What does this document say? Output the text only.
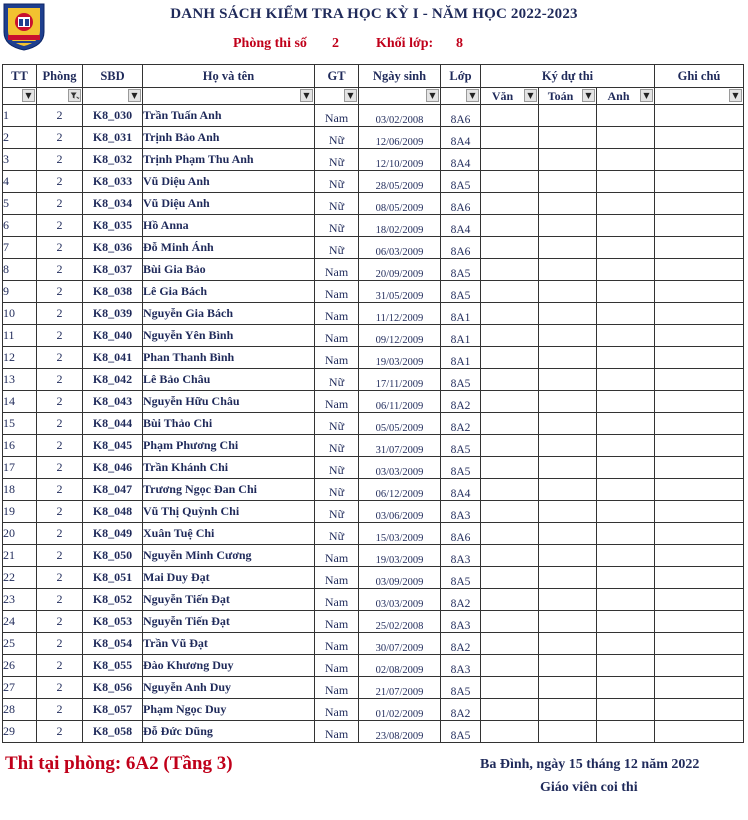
DANH SÁCH KIỂM TRA HỌC KỲ I - NĂM HỌC 2022-2023
Phòng thi số 2	Khối lớp: 8
TT	Phòng	SBD	Họ và tên	GT	Ngày sinh	Lớp	Ký dự thi			Ghi chú

▼		▼	▼	▼	▼	▼	Văn ▼	Toán ▼	Anh ▼	▼

1	2	K8_030	Trần Tuấn Anh	Nam	03/02/2008	8A6				
2	2	K8_031	Trịnh Bảo Anh	Nữ	12/06/2009	8A4				
3	2	K8_032	Trịnh Phạm Thu Anh	Nữ	12/10/2009	8A4				
4	2	K8_033	Vũ Diệu Anh	Nữ	28/05/2009	8A5				
5	2	K8_034	Vũ Diệu Anh	Nữ	08/05/2009	8A6				
6	2	K8_035	Hồ Anna	Nữ	18/02/2009	8A4				
7	2	K8_036	Đỗ Minh Ánh	Nữ	06/03/2009	8A6				
8	2	K8_037	Bùi Gia Bảo	Nam	20/09/2009	8A5				
9	2	K8_038	Lê Gia Bách	Nam	31/05/2009	8A5				
10	2	K8_039	Nguyễn Gia Bách	Nam	11/12/2009	8A1				
11	2	K8_040	Nguyễn Yên Bình	Nam	09/12/2009	8A1				
12	2	K8_041	Phan Thanh Bình	Nam	19/03/2009	8A1				
13	2	K8_042	Lê Bảo Châu	Nữ	17/11/2009	8A5				
14	2	K8_043	Nguyễn Hữu Châu	Nam	06/11/2009	8A2				
15	2	K8_044	Bùi Thảo Chi	Nữ	05/05/2009	8A2				
16	2	K8_045	Phạm Phương Chi	Nữ	31/07/2009	8A5				
17	2	K8_046	Trần Khánh Chi	Nữ	03/03/2009	8A5				
18	2	K8_047	Trương Ngọc Đan Chi	Nữ	06/12/2009	8A4				
19	2	K8_048	Vũ Thị Quỳnh Chi	Nữ	03/06/2009	8A3				
20	2	K8_049	Xuân Tuệ Chi	Nữ	15/03/2009	8A6				
21	2	K8_050	Nguyễn Minh Cương	Nam	19/03/2009	8A3				
22	2	K8_051	Mai Duy Đạt	Nam	03/09/2009	8A5				
23	2	K8_052	Nguyễn Tiến Đạt	Nam	03/03/2009	8A2				
24	2	K8_053	Nguyễn Tiến Đạt	Nam	25/02/2008	8A3				
25	2	K8_054	Trần Vũ Đạt	Nam	30/07/2009	8A2				
26	2	K8_055	Đào Khương Duy	Nam	02/08/2009	8A3				
27	2	K8_056	Nguyễn Anh Duy	Nam	21/07/2009	8A5				
28	2	K8_057	Phạm Ngọc Duy	Nam	01/02/2009	8A2				
29	2	K8_058	Đỗ Đức Dũng	Nam	23/08/2009	8A5				
Thi tại phòng: 6A2 (Tầng 3)	Ba Đình, ngày 15 tháng 12 năm 2022
Giáo viên coi thi
